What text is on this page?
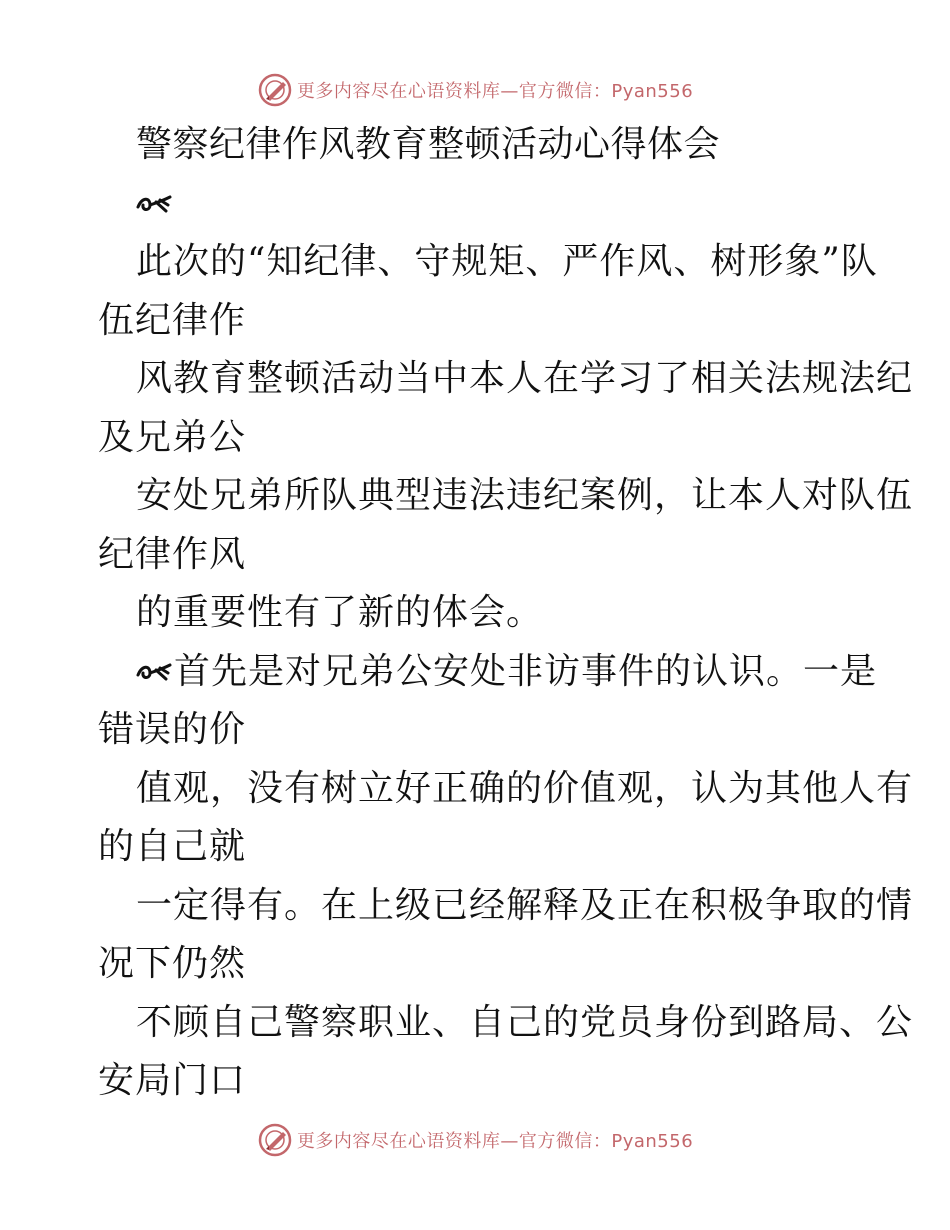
更多内容尽在心语资料库—官方微信：Pyan556
警察纪律作风教育整顿活动心得体会
此次的“知纪律、守规矩、严作风、树形象”队
伍纪律作
风教育整顿活动当中本人在学习了相关法规法纪
及兄弟公
安处兄弟所队典型违法违纪案例，让本人对队伍
纪律作风
的重要性有了新的体会。
首先是对兄弟公安处非访事件的认识。一是
错误的价
值观，没有树立好正确的价值观，认为其他人有
的自己就
一定得有。在上级已经解释及正在积极争取的情
况下仍然
不顾自己警察职业、自己的党员身份到路局、公
安局门口
更多内容尽在心语资料库—官方微信：Pyan556
